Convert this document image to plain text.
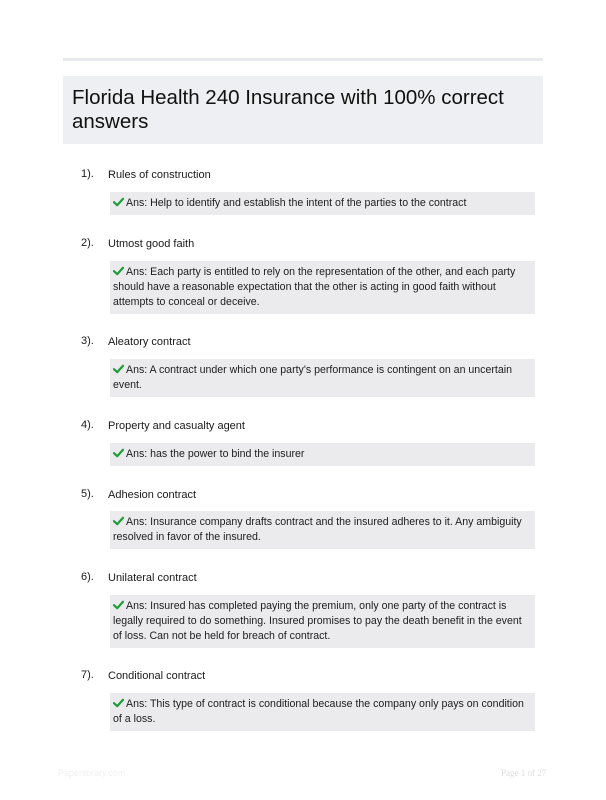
Florida Health 240 Insurance with 100% correct answers
1). Rules of construction
Ans: Help to identify and establish the intent of the parties to the contract
2). Utmost good faith
Ans: Each party is entitled to rely on the representation of the other, and each party should have a reasonable expectation that the other is acting in good faith without attempts to conceal or deceive.
3). Aleatory contract
Ans: A contract under which one party's performance is contingent on an uncertain event.
4). Property and casualty agent
Ans: has the power to bind the insurer
5). Adhesion contract
Ans: Insurance company drafts contract and the insured adheres to it. Any ambiguity resolved in favor of the insured.
6). Unilateral contract
Ans: Insured has completed paying the premium, only one party of the contract is legally required to do something. Insured promises to pay the death benefit in the event of loss. Can not be held for breach of contract.
7). Conditional contract
Ans: This type of contract is conditional because the company only pays on condition of a loss.
Paperlibrary.com	Page 1 of 27
